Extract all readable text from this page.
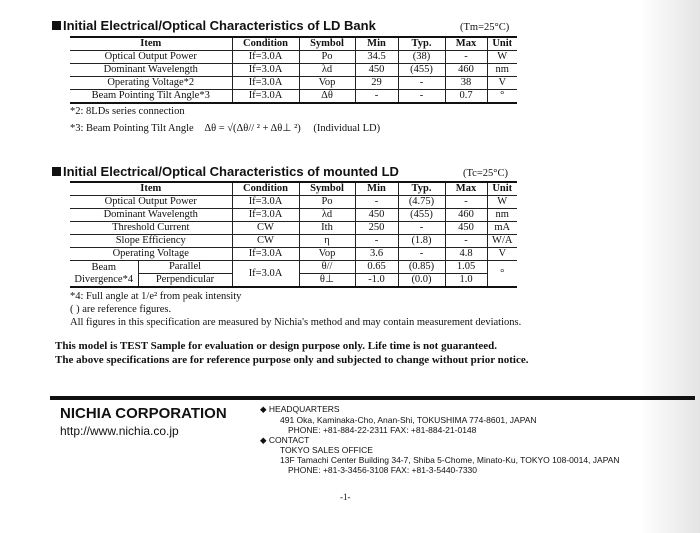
Initial Electrical/Optical Characteristics of LD Bank	(Tm=25°C)
Item	Condition	Symbol	Min	Typ.	Max	Unit
Optical Output Power	If=3.0A	Po	34.5	(38)	-	W
Dominant Wavelength	If=3.0A	λd	450	(455)	460	nm
Operating Voltage*2	If=3.0A	Vop	29	-	38	V
Beam Pointing Tilt Angle*3	If=3.0A	Δθ	-	-	0.7	°
*2: 8LDs series connection
*3: Beam Pointing Tilt Angle Δθ = √(Δθ// ² + Δθ⊥ ²) (Individual LD)
Initial Electrical/Optical Characteristics of mounted LD	(Tc=25°C)
Item		Condition	Symbol	Min	Typ.	Max	Unit
Optical Output Power		If=3.0A	Po	-	(4.75)	-	W
Dominant Wavelength		If=3.0A	λd	450	(455)	460	nm
Threshold Current		CW	Ith	250	-	450	mA
Slope Efficiency		CW	η	-	(1.8)	-	W/A
Operating Voltage		If=3.0A	Vop	3.6	-	4.8	V
Beam Divergence*4	Parallel	If=3.0A	θ//	0.65	(0.85)	1.05	°
	Perpendicular		θ⊥	-1.0	(0.0)	1.0	
*4: Full angle at 1/e² from peak intensity
( ) are reference figures.
All figures in this specification are measured by Nichia's method and may contain measurement deviations.
This model is TEST Sample for evaluation or design purpose only. Life time is not guaranteed.
The above specifications are for reference purpose only and subjected to change without prior notice.
NICHIA CORPORATION
http://www.nichia.co.jp
◆ HEADQUARTERS
491 Oka, Kaminaka-Cho, Anan-Shi, TOKUSHIMA 774-8601, JAPAN
PHONE: +81-884-22-2311 FAX: +81-884-21-0148
◆ CONTACT
TOKYO SALES OFFICE
13F Tamachi Center Building 34-7, Shiba 5-Chome, Minato-Ku, TOKYO 108-0014, JAPAN
PHONE: +81-3-3456-3108 FAX: +81-3-5440-7330
-1-
